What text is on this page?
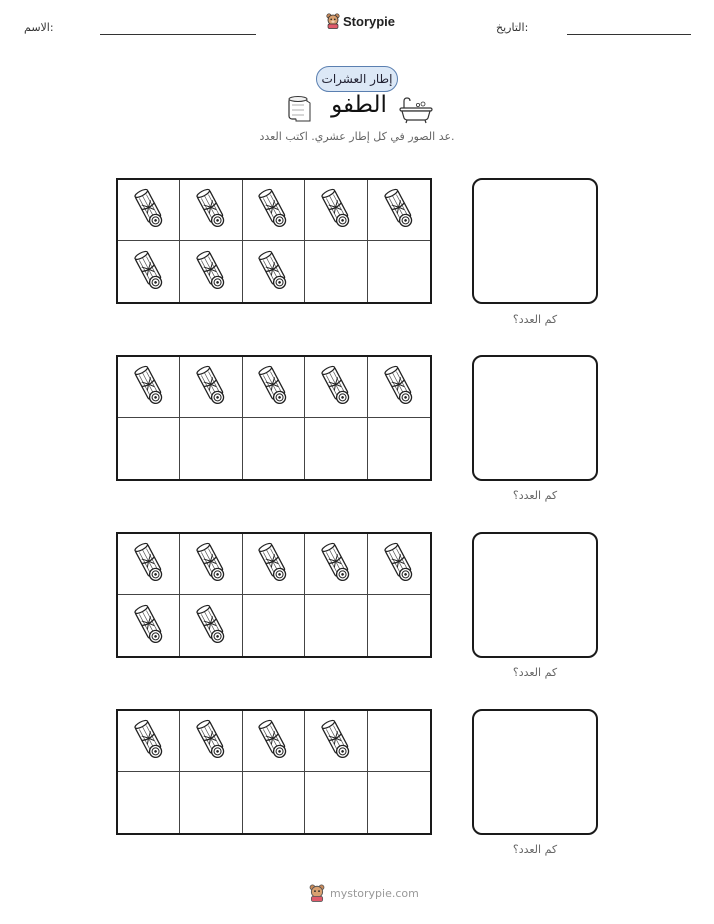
الاسم:	Storypie	التاريخ:
إطار العشرات
الطفو
عد الصور في كل إطار عشري. اكتب العدد.
كم العدد؟
كم العدد؟
كم العدد؟
كم العدد؟
mystorypie.com
